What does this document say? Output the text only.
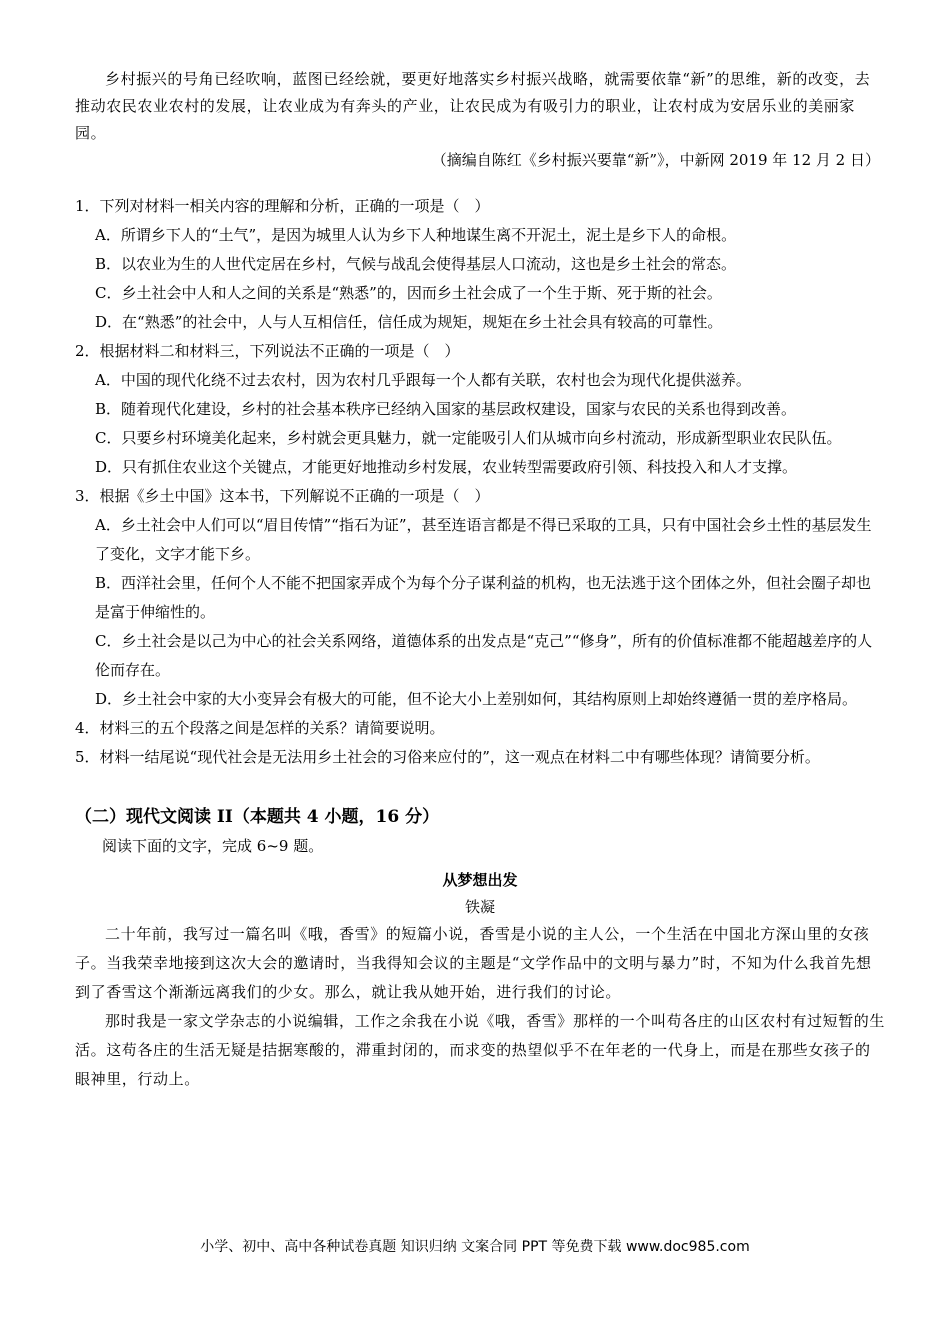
乡村振兴的号角已经吹响，蓝图已经绘就，要更好地落实乡村振兴战略，就需要依靠“新”的思维，新的改变，去推动农民农业农村的发展，让农业成为有奔头的产业，让农民成为有吸引力的职业，让农村成为安居乐业的美丽家园。

（摘编自陈红《乡村振兴要靠“新”》，中新网 2019 年 12 月 2 日）

1．下列对材料一相关内容的理解和分析，正确的一项是（　）

A．所谓乡下人的“土气”，是因为城里人认为乡下人种地谋生离不开泥土，泥土是乡下人的命根。

B．以农业为生的人世代定居在乡村，气候与战乱会使得基层人口流动，这也是乡土社会的常态。

C．乡土社会中人和人之间的关系是“熟悉”的，因而乡土社会成了一个生于斯、死于斯的社会。

D．在“熟悉”的社会中，人与人互相信任，信任成为规矩，规矩在乡土社会具有较高的可靠性。

2．根据材料二和材料三，下列说法不正确的一项是（　）

A．中国的现代化绕不过去农村，因为农村几乎跟每一个人都有关联，农村也会为现代化提供滋养。

B．随着现代化建设，乡村的社会基本秩序已经纳入国家的基层政权建设，国家与农民的关系也得到改善。

C．只要乡村环境美化起来，乡村就会更具魅力，就一定能吸引人们从城市向乡村流动，形成新型职业农民队伍。

D．只有抓住农业这个关键点，才能更好地推动乡村发展，农业转型需要政府引领、科技投入和人才支撑。

3．根据《乡土中国》这本书，下列解说不正确的一项是（　）

A．乡土社会中人们可以“眉目传情”“指石为证”，甚至连语言都是不得已采取的工具，只有中国社会乡土性的基层发生了变化，文字才能下乡。

B．西洋社会里，任何个人不能不把国家弄成个为每个分子谋利益的机构，也无法逃于这个团体之外，但社会圈子却也是富于伸缩性的。

C．乡土社会是以己为中心的社会关系网络，道德体系的出发点是“克己”“修身”，所有的价值标准都不能超越差序的人伦而存在。

D．乡土社会中家的大小变异会有极大的可能，但不论大小上差别如何，其结构原则上却始终遵循一贯的差序格局。

4．材料三的五个段落之间是怎样的关系？请简要说明。

5．材料一结尾说“现代社会是无法用乡土社会的习俗来应付的”，这一观点在材料二中有哪些体现？请简要分析。

（二）现代文阅读 II（本题共 4 小题，16 分）

阅读下面的文字，完成 6~9 题。

从梦想出发

铁凝

二十年前，我写过一篇名叫《哦，香雪》的短篇小说，香雪是小说的主人公，一个生活在中国北方深山里的女孩子。当我荣幸地接到这次大会的邀请时，当我得知会议的主题是“文学作品中的文明与暴力”时，不知为什么我首先想到了香雪这个渐渐远离我们的少女。那么，就让我从她开始，进行我们的讨论。

那时我是一家文学杂志的小说编辑，工作之余我在小说《哦，香雪》那样的一个叫苟各庄的山区农村有过短暂的生活。这苟各庄的生活无疑是拮据寒酸的，滞重封闭的，而求变的热望似乎不在年老的一代身上，而是在那些女孩子的眼神里，行动上。

小学、初中、高中各种试卷真题 知识归纳 文案合同 PPT 等免费下载 www.doc985.com
